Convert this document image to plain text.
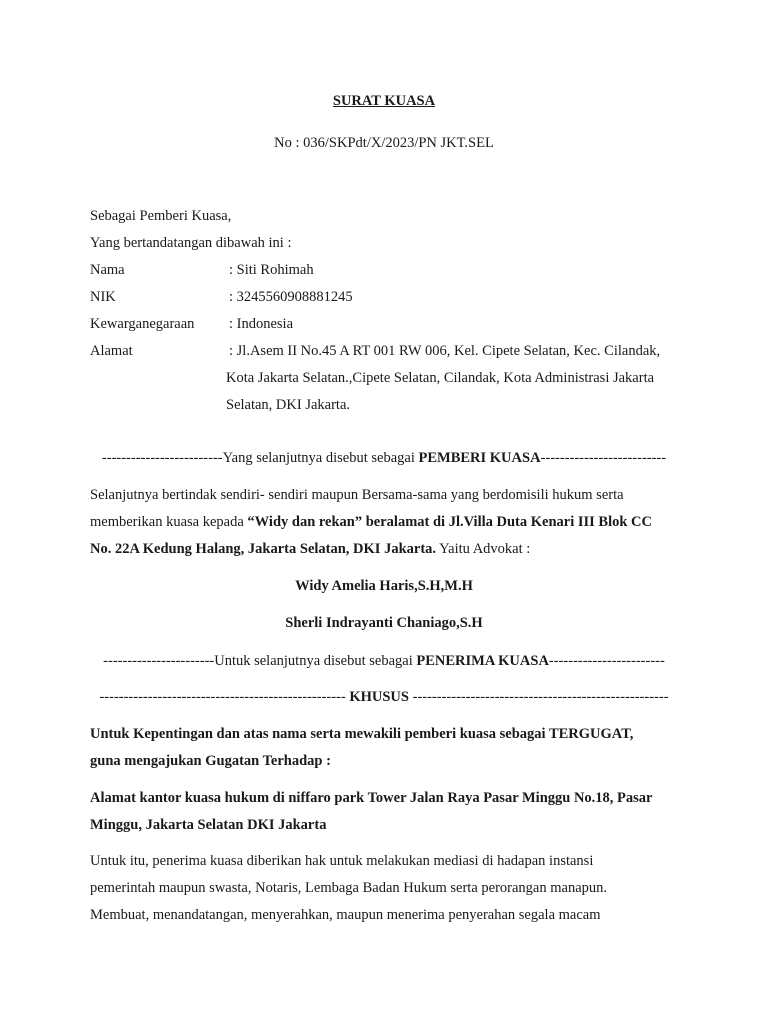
SURAT KUASA
No : 036/SKPdt/X/2023/PN JKT.SEL
Sebagai Pemberi Kuasa,
Yang bertandatangan dibawah ini :
Nama	: Siti Rohimah
NIK	: 3245560908881245
Kewarganegaraan : Indonesia
Alamat	: Jl.Asem II No.45 A RT 001 RW 006, Kel. Cipete Selatan, Kec. Cilandak,
Kota Jakarta Selatan.,Cipete Selatan, Cilandak, Kota Administrasi Jakarta
Selatan, DKI Jakarta.
-------------------------Yang selanjutnya disebut sebagai PEMBERI KUASA--------------------------
Selanjutnya bertindak sendiri- sendiri maupun Bersama-sama yang berdomisili hukum serta
memberikan kuasa kepada “Widy dan rekan” beralamat di Jl.Villa Duta Kenari III Blok CC
No. 22A Kedung Halang, Jakarta Selatan, DKI Jakarta. Yaitu Advokat :
Widy Amelia Haris,S.H,M.H
Sherli Indrayanti Chaniago,S.H
-----------------------Untuk selanjutnya disebut sebagai PENERIMA KUASA------------------------
--------------------------------------------------- KHUSUS -----------------------------------------------------
Untuk Kepentingan dan atas nama serta mewakili pemberi kuasa sebagai TERGUGAT,
guna mengajukan Gugatan Terhadap :
Alamat kantor kuasa hukum di niffaro park Tower Jalan Raya Pasar Minggu No.18, Pasar
Minggu, Jakarta Selatan DKI Jakarta
Untuk itu, penerima kuasa diberikan hak untuk melakukan mediasi di hadapan instansi
pemerintah maupun swasta, Notaris, Lembaga Badan Hukum serta perorangan manapun.
Membuat, menandatangan, menyerahkan, maupun menerima penyerahan segala macam
